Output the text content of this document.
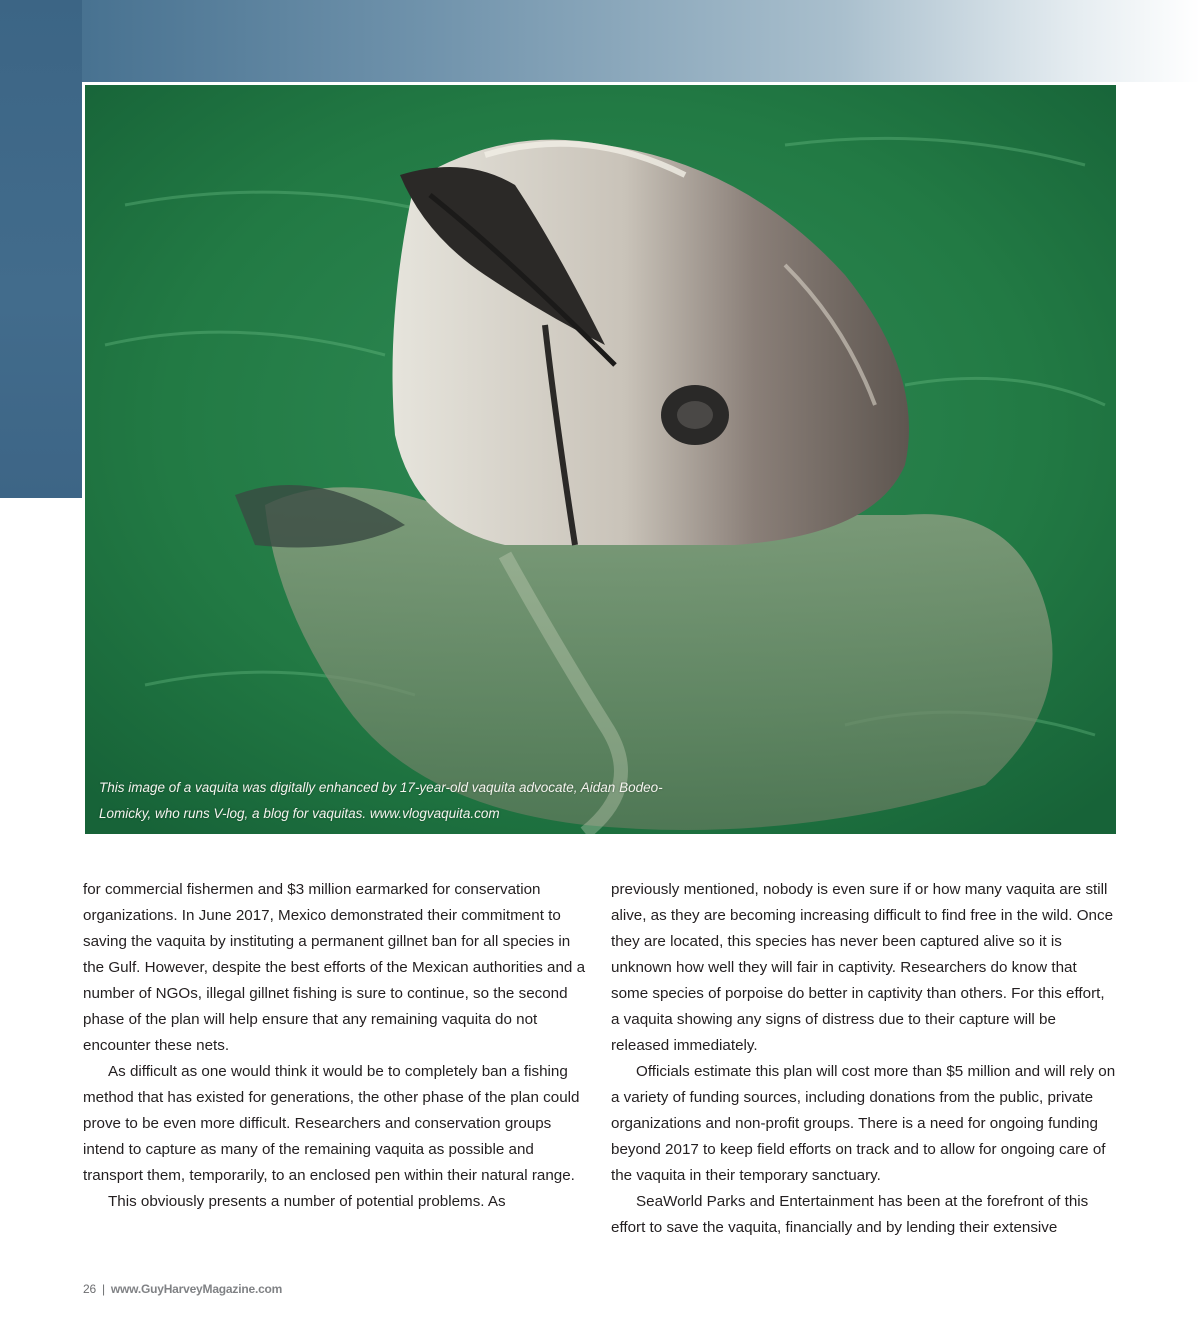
This image of a vaquita was digitally enhanced by 17-year-old vaquita advocate, Aidan Bodeo-
Lomicky, who runs V-log, a blog for vaquitas. www.vlogvaquita.com

for commercial fishermen and $3 million earmarked for conservation organizations. In June 2017, Mexico demonstrated their commitment to saving the vaquita by instituting a permanent gillnet ban for all species in the Gulf. However, despite the best efforts of the Mexican authorities and a number of NGOs, illegal gillnet fishing is sure to continue, so the second phase of the plan will help ensure that any remaining vaquita do not encounter these nets.

As difficult as one would think it would be to completely ban a fishing method that has existed for generations, the other phase of the plan could prove to be even more difficult. Researchers and conservation groups intend to capture as many of the remaining vaquita as possible and transport them, temporarily, to an enclosed pen within their natural range.

This obviously presents a number of potential problems. As

previously mentioned, nobody is even sure if or how many vaquita are still alive, as they are becoming increasing difficult to find free in the wild. Once they are located, this species has never been captured alive so it is unknown how well they will fair in captivity. Researchers do know that some species of porpoise do better in captivity than others. For this effort, a vaquita showing any signs of distress due to their capture will be released immediately.

Officials estimate this plan will cost more than $5 million and will rely on a variety of funding sources, including donations from the public, private organizations and non-profit groups. There is a need for ongoing funding beyond 2017 to keep field efforts on track and to allow for ongoing care of the vaquita in their temporary sanctuary.

SeaWorld Parks and Entertainment has been at the forefront of this effort to save the vaquita, financially and by lending their extensive

26 | www.GuyHarveyMagazine.com
